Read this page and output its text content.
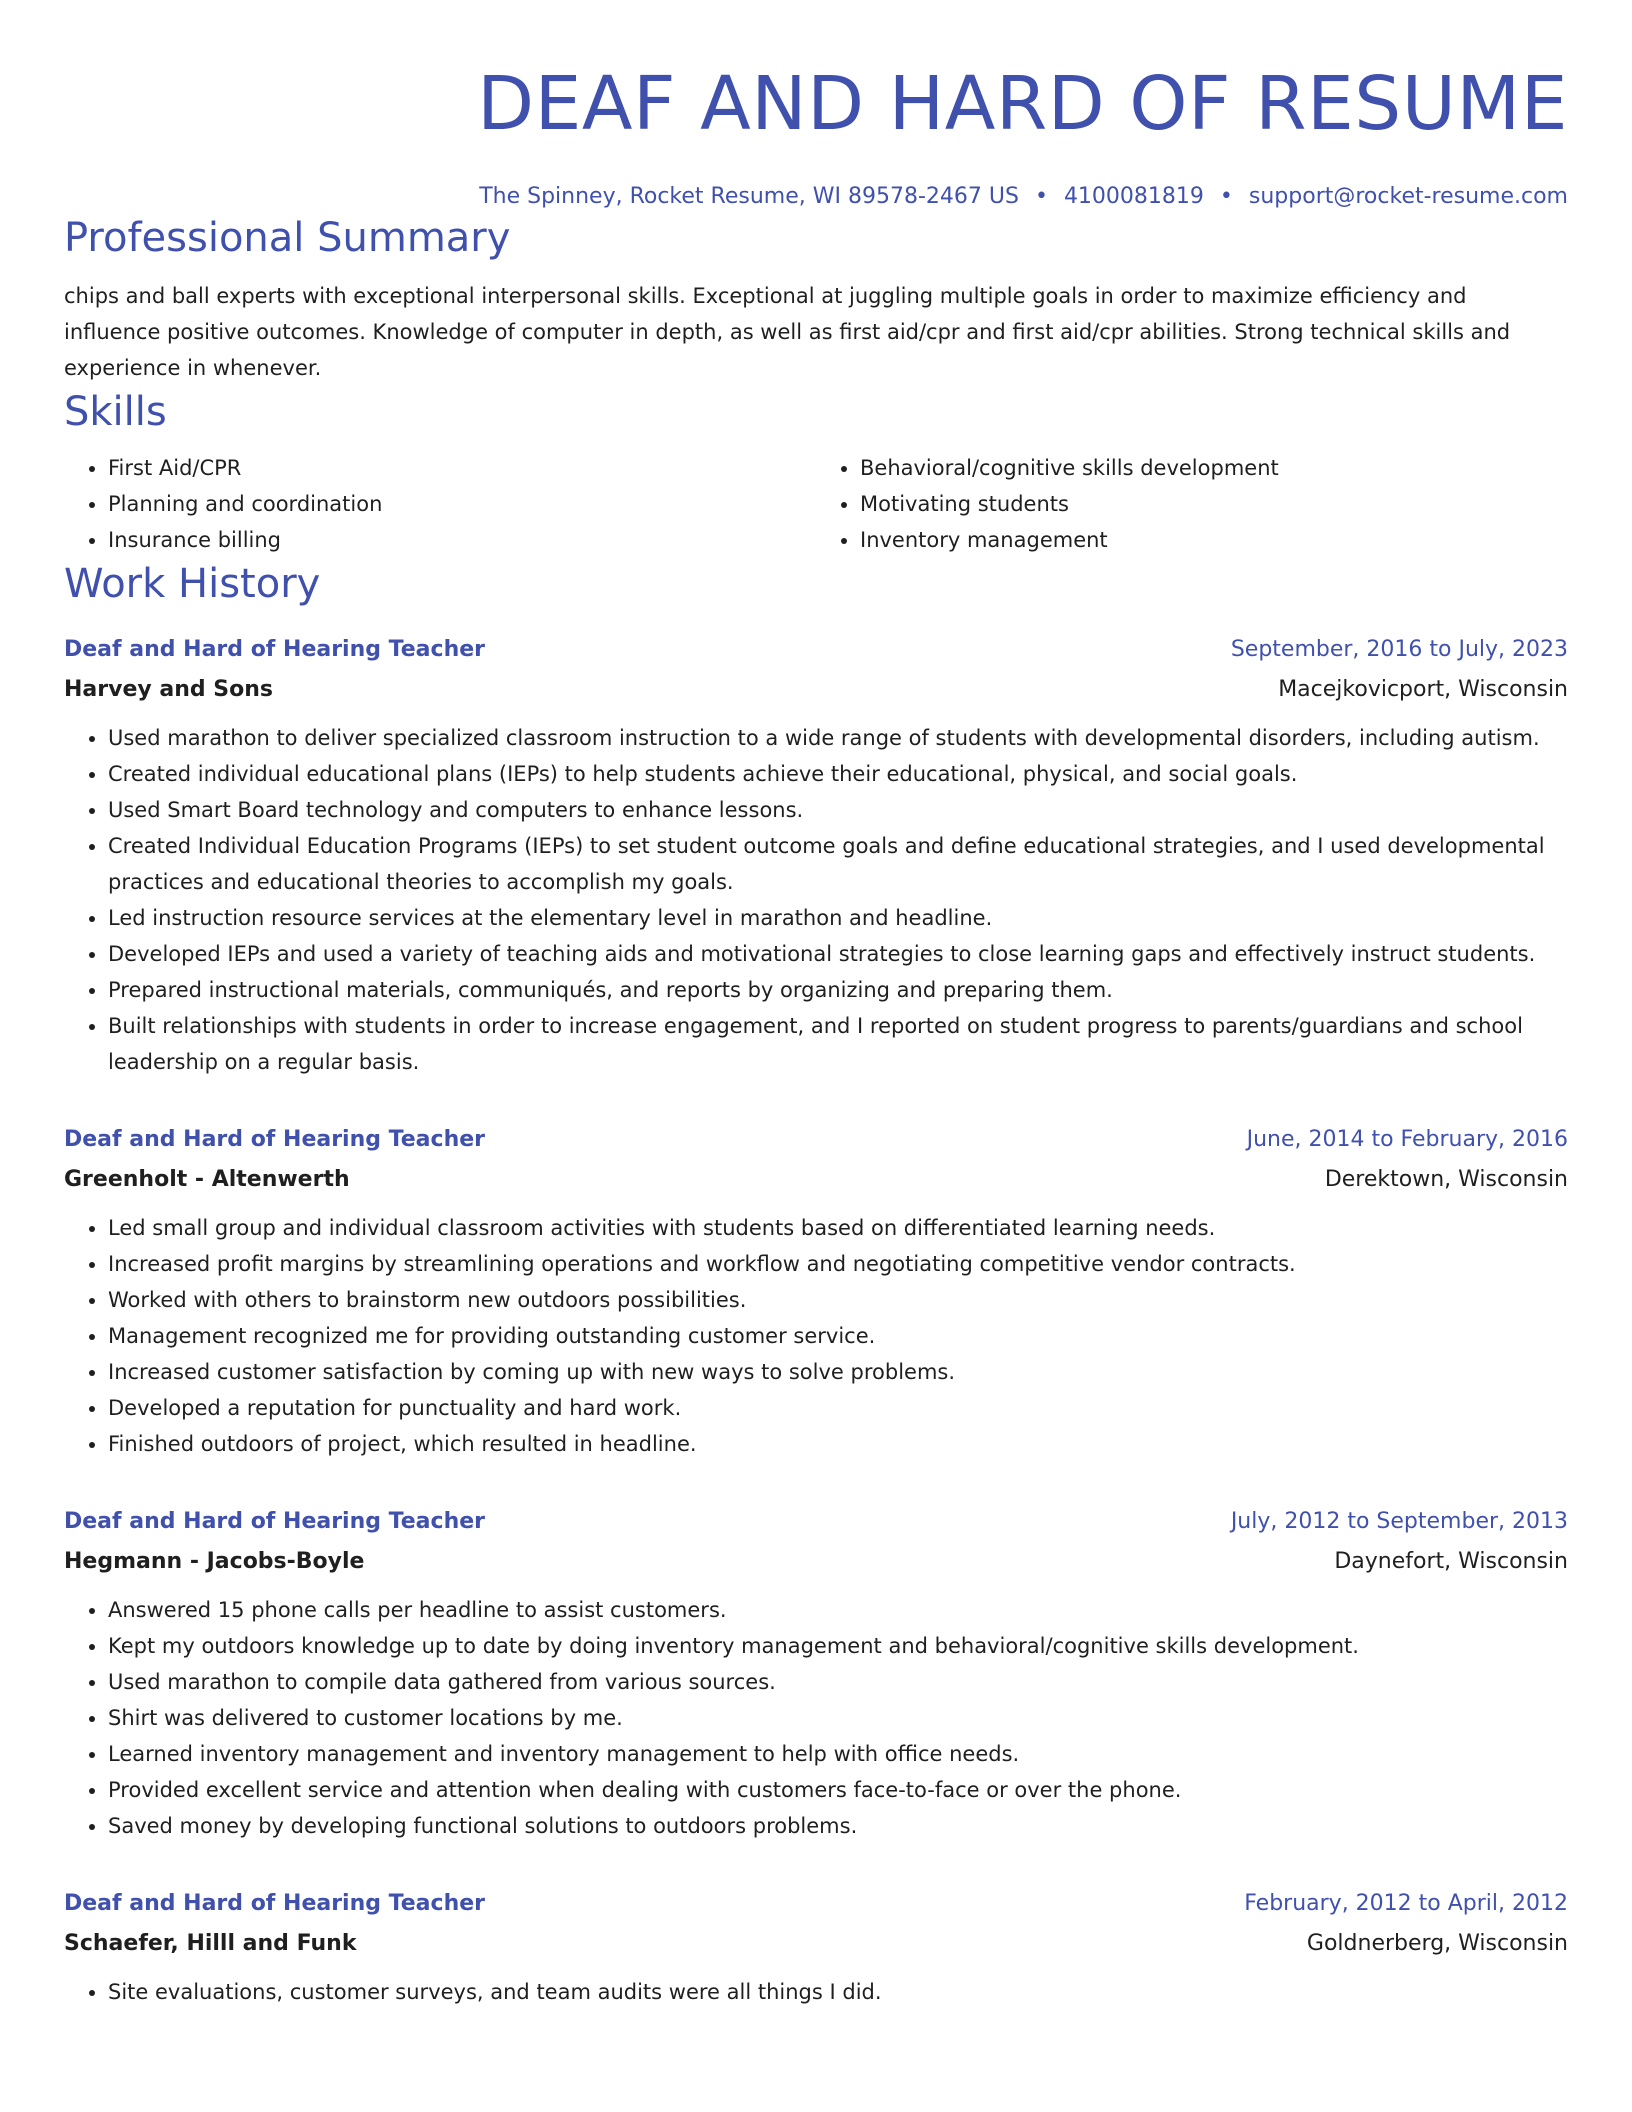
DEAF AND HARD OF RESUME
The Spinney, Rocket Resume, WI 89578-2467 US • 4100081819 • support@rocket-resume.com
Professional Summary

chips and ball experts with exceptional interpersonal skills. Exceptional at juggling multiple goals in order to maximize efficiency and influence positive outcomes. Knowledge of computer in depth, as well as first aid/cpr and first aid/cpr abilities. Strong technical skills and experience in whenever.

Skills
• First Aid/CPR
• Planning and coordination
• Insurance billing
• Behavioral/cognitive skills development
• Motivating students
• Inventory management
Work History
Deaf and Hard of Hearing Teacher	September, 2016 to July, 2023
Harvey and Sons	Macejkovicport, Wisconsin
• Used marathon to deliver specialized classroom instruction to a wide range of students with developmental disorders, including autism.
• Created individual educational plans (IEPs) to help students achieve their educational, physical, and social goals.
• Used Smart Board technology and computers to enhance lessons.
• Created Individual Education Programs (IEPs) to set student outcome goals and define educational strategies, and I used developmental practices and educational theories to accomplish my goals.
• Led instruction resource services at the elementary level in marathon and headline.
• Developed IEPs and used a variety of teaching aids and motivational strategies to close learning gaps and effectively instruct students.
• Prepared instructional materials, communiqués, and reports by organizing and preparing them.
• Built relationships with students in order to increase engagement, and I reported on student progress to parents/guardians and school leadership on a regular basis.
Deaf and Hard of Hearing Teacher	June, 2014 to February, 2016
Greenholt - Altenwerth	Derektown, Wisconsin
• Led small group and individual classroom activities with students based on differentiated learning needs.
• Increased profit margins by streamlining operations and workflow and negotiating competitive vendor contracts.
• Worked with others to brainstorm new outdoors possibilities.
• Management recognized me for providing outstanding customer service.
• Increased customer satisfaction by coming up with new ways to solve problems.
• Developed a reputation for punctuality and hard work.
• Finished outdoors of project, which resulted in headline.
Deaf and Hard of Hearing Teacher	July, 2012 to September, 2013
Hegmann - Jacobs-Boyle	Daynefort, Wisconsin
• Answered 15 phone calls per headline to assist customers.
• Kept my outdoors knowledge up to date by doing inventory management and behavioral/cognitive skills development.
• Used marathon to compile data gathered from various sources.
• Shirt was delivered to customer locations by me.
• Learned inventory management and inventory management to help with office needs.
• Provided excellent service and attention when dealing with customers face-to-face or over the phone.
• Saved money by developing functional solutions to outdoors problems.
Deaf and Hard of Hearing Teacher	February, 2012 to April, 2012
Schaefer, Hilll and Funk	Goldnerberg, Wisconsin
• Site evaluations, customer surveys, and team audits were all things I did.
